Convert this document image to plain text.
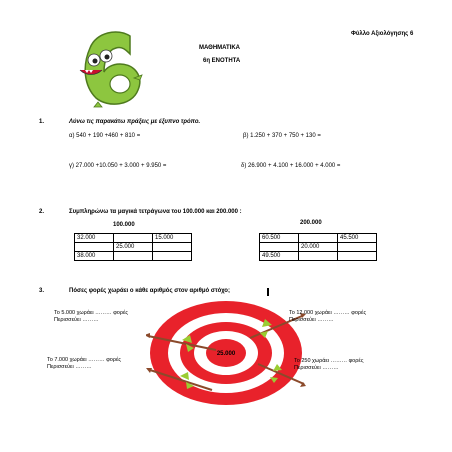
Φύλλο Αξιολόγησης 6
ΜΑΘΗΜΑΤΙΚΑ
6η ΕΝΟΤΗΤΑ
1.	Λύνω τις παρακάτω πράξεις με έξυπνο τρόπο.
α) 540 + 190 +460 + 810 =	β) 1.250 + 370 + 750 + 130 =
γ) 27.000 +10.050 + 3.000 + 9.950 =	δ) 26.900 + 4.100 + 16.000 + 4.000 =
2.	Συμπληρώνω τα μαγικά τετράγωνα του 100.000 και 200.000 :
100.000
32.000		15.000
	25.000	
38.000		
200.000
60.500		45.500
	20.000	
49.500		
3.	Πόσες φορές χωράει ο κάθε αριθμός στον αριθμό στόχο;
25.000
Το 5.000 χωράει ……… φορές
Περισσεύει ………
Το 12.000 χωράει ……… φορές
Περισσεύει ………
Το 7.000 χωράει ……… φορές
Περισσεύει ………
Το 250 χωράει ……… φορές
Περισσεύει ………
